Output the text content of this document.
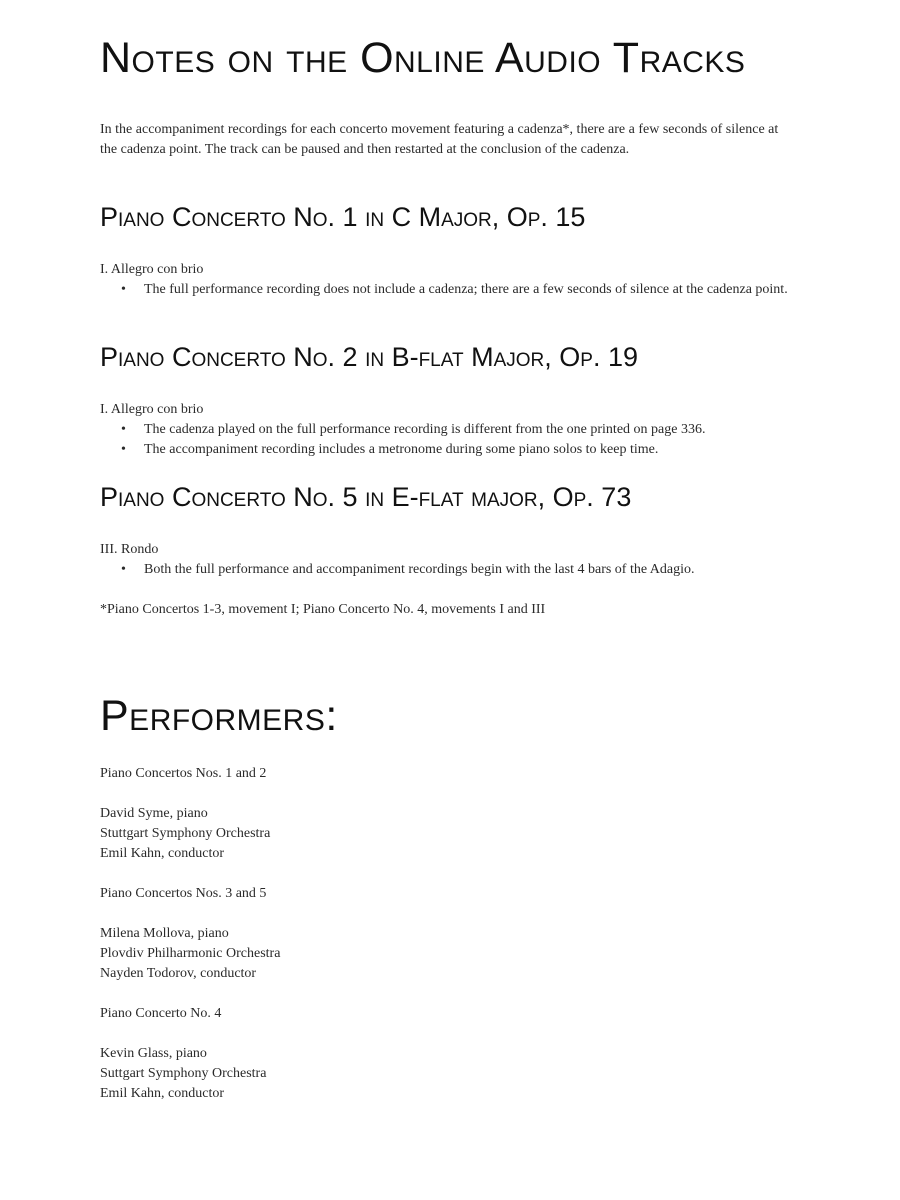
Notes on the Online Audio Tracks

In the accompaniment recordings for each concerto movement featuring a cadenza*, there are a few seconds of silence at the cadenza point. The track can be paused and then restarted at the conclusion of the cadenza.

Piano Concerto No. 1 in C Major, Op. 15

I. Allegro con brio

• The full performance recording does not include a cadenza; there are a few seconds of silence at the cadenza point.
Piano Concerto No. 2 in B-flat Major, Op. 19

I. Allegro con brio

• The cadenza played on the full performance recording is different from the one printed on page 336.
• The accompaniment recording includes a metronome during some piano solos to keep time.
Piano Concerto No. 5 in E-flat major, Op. 73

III. Rondo

• Both the full performance and accompaniment recordings begin with the last 4 bars of the Adagio.

*Piano Concertos 1-3, movement I; Piano Concerto No. 4, movements I and III

Performers:

Piano Concertos Nos. 1 and 2

David Syme, piano

Stuttgart Symphony Orchestra

Emil Kahn, conductor

Piano Concertos Nos. 3 and 5

Milena Mollova, piano

Plovdiv Philharmonic Orchestra

Nayden Todorov, conductor

Piano Concerto No. 4

Kevin Glass, piano

Suttgart Symphony Orchestra

Emil Kahn, conductor
